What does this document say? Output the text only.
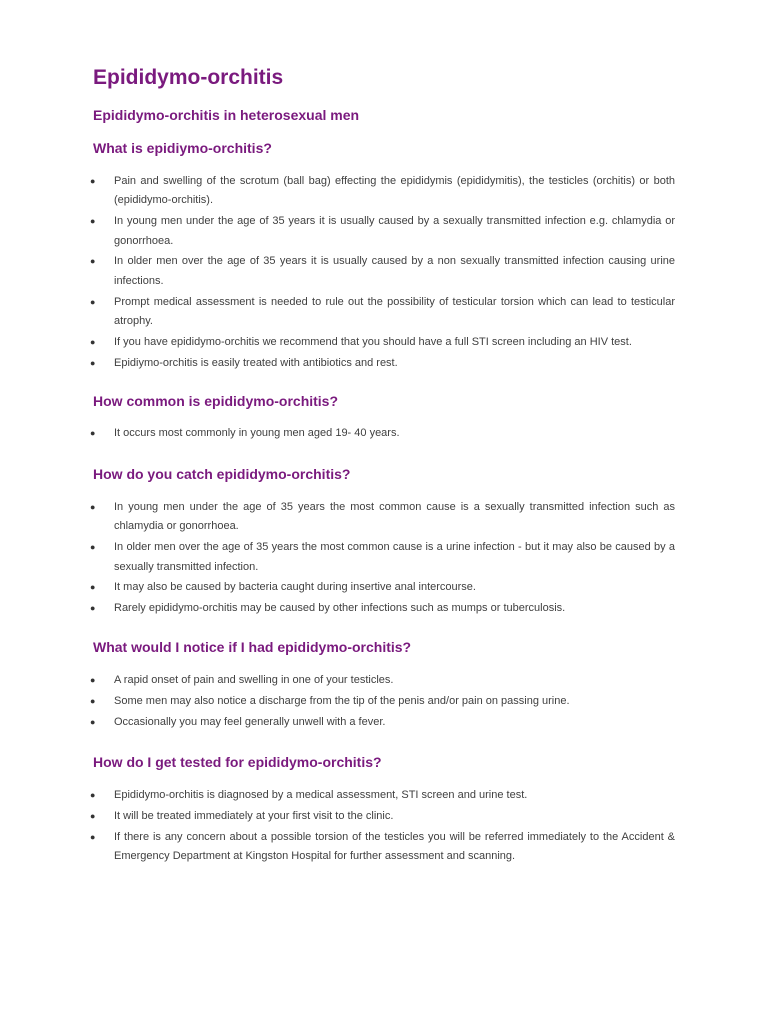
Epididymo-orchitis
Epididymo-orchitis in heterosexual men
What is epidiymo-orchitis?
● Pain and swelling of the scrotum (ball bag) effecting the epididymis (epididymitis), the testicles (orchitis) or both (epididymo-orchitis).
● In young men under the age of 35 years it is usually caused by a sexually transmitted infection e.g. chlamydia or gonorrhoea.
● In older men over the age of 35 years it is usually caused by a non sexually transmitted infection causing urine infections.
● Prompt medical assessment is needed to rule out the possibility of testicular torsion which can lead to testicular atrophy.
● If you have epididymo-orchitis we recommend that you should have a full STI screen including an HIV test.
● Epidiymo-orchitis is easily treated with antibiotics and rest.
How common is epididymo-orchitis?
● It occurs most commonly in young men aged 19- 40 years.
How do you catch epididymo-orchitis?
● In young men under the age of 35 years the most common cause is a sexually transmitted infection such as chlamydia or gonorrhoea.
● In older men over the age of 35 years the most common cause is a urine infection - but it may also be caused by a sexually transmitted infection.
● It may also be caused by bacteria caught during insertive anal intercourse.
● Rarely epididymo-orchitis may be caused by other infections such as mumps or tuberculosis.
What would I notice if I had epididymo-orchitis?
● A rapid onset of pain and swelling in one of your testicles.
● Some men may also notice a discharge from the tip of the penis and/or pain on passing urine.
● Occasionally you may feel generally unwell with a fever.
How do I get tested for epididymo-orchitis?
● Epididymo-orchitis is diagnosed by a medical assessment, STI screen and urine test.
● It will be treated immediately at your first visit to the clinic.
● If there is any concern about a possible torsion of the testicles you will be referred immediately to the Accident & Emergency Department at Kingston Hospital for further assessment and scanning.
